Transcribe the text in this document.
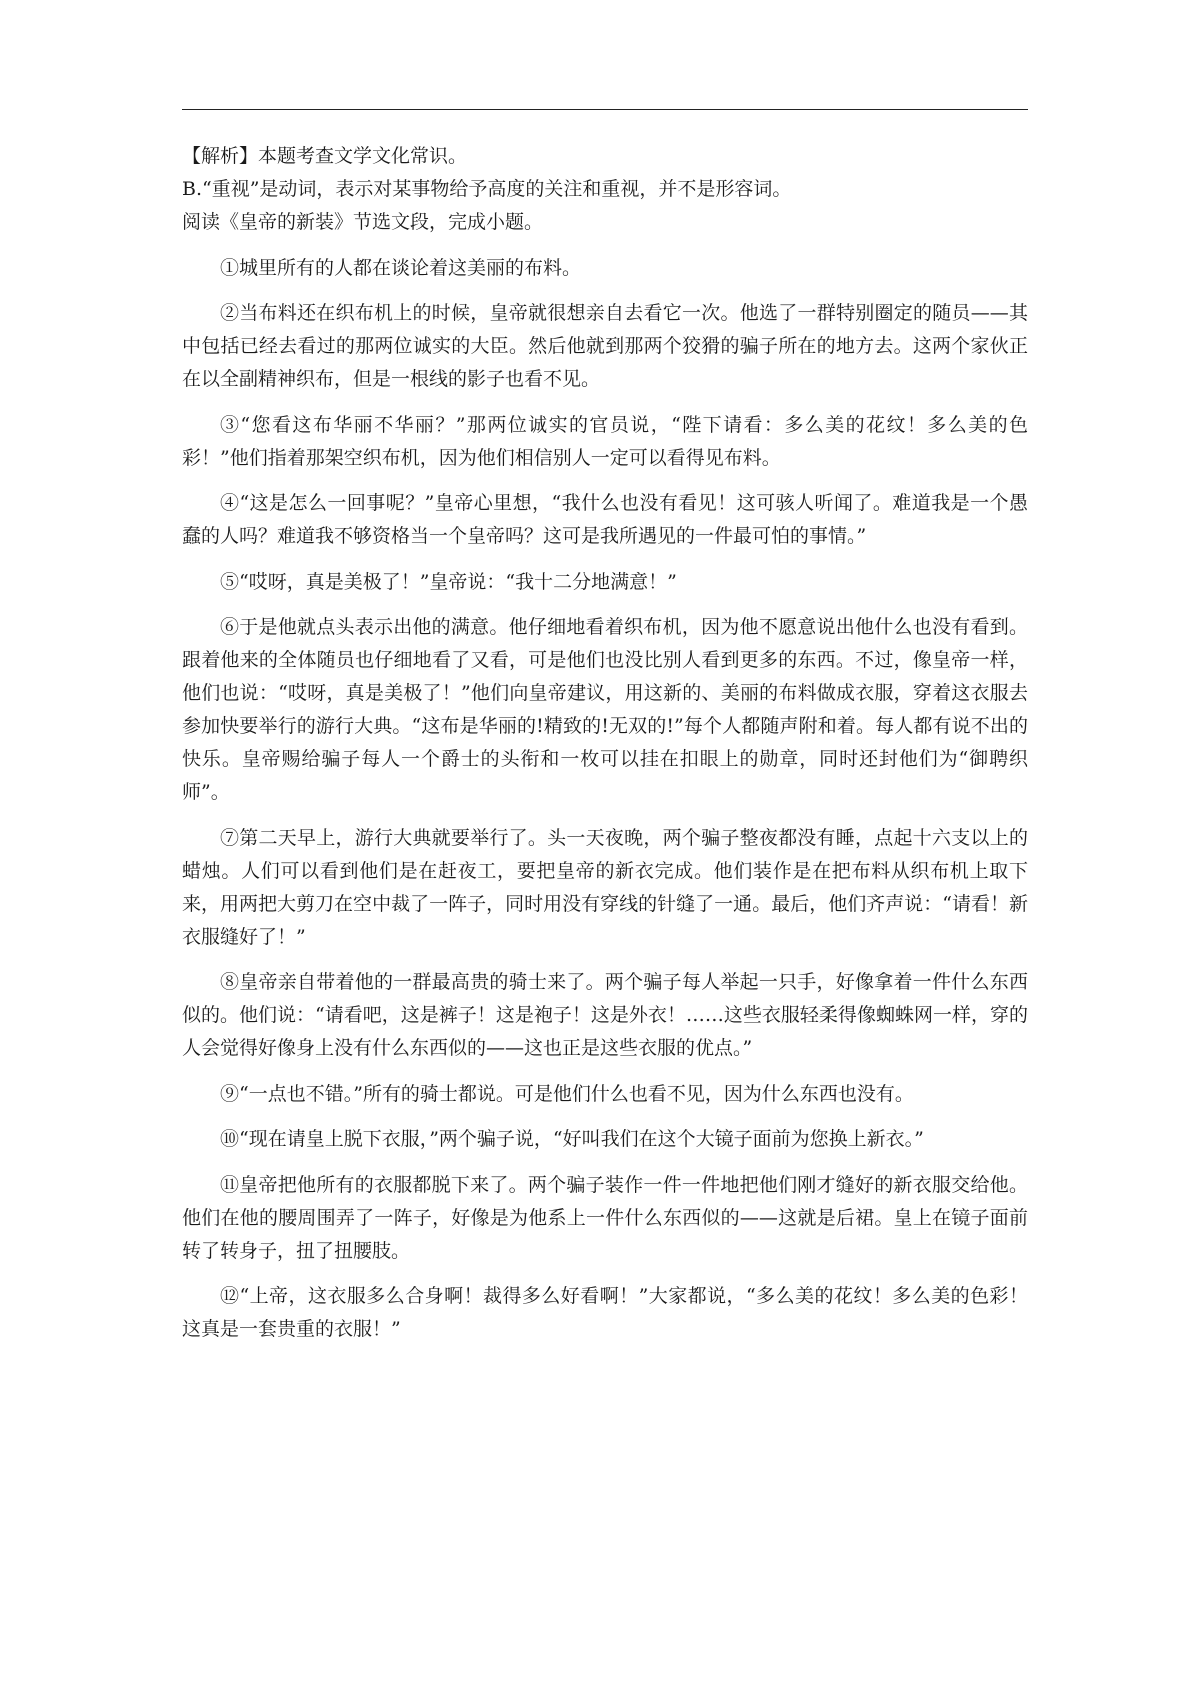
【解析】本题考查文学文化常识。

B.“重视”是动词，表示对某事物给予高度的关注和重视，并不是形容词。

阅读《皇帝的新装》节选文段，完成小题。

①城里所有的人都在谈论着这美丽的布料。

②当布料还在织布机上的时候，皇帝就很想亲自去看它一次。他选了一群特别圈定的随员——其中包括已经去看过的那两位诚实的大臣。然后他就到那两个狡猾的骗子所在的地方去。这两个家伙正在以全副精神织布，但是一根线的影子也看不见。

③“您看这布华丽不华丽？”那两位诚实的官员说，“陛下请看：多么美的花纹！多么美的色彩！”他们指着那架空织布机，因为他们相信别人一定可以看得见布料。

④“这是怎么一回事呢？”皇帝心里想，“我什么也没有看见！这可骇人听闻了。难道我是一个愚蠢的人吗？难道我不够资格当一个皇帝吗？这可是我所遇见的一件最可怕的事情。”

⑤“哎呀，真是美极了！”皇帝说：“我十二分地满意！”

⑥于是他就点头表示出他的满意。他仔细地看着织布机，因为他不愿意说出他什么也没有看到。跟着他来的全体随员也仔细地看了又看，可是他们也没比别人看到更多的东西。不过，像皇帝一样，他们也说：“哎呀，真是美极了！”他们向皇帝建议，用这新的、美丽的布料做成衣服，穿着这衣服去参加快要举行的游行大典。“这布是华丽的!精致的!无双的!”每个人都随声附和着。每人都有说不出的快乐。皇帝赐给骗子每人一个爵士的头衔和一枚可以挂在扣眼上的勋章，同时还封他们为“御聘织师”。

⑦第二天早上，游行大典就要举行了。头一天夜晚，两个骗子整夜都没有睡，点起十六支以上的蜡烛。人们可以看到他们是在赶夜工，要把皇帝的新衣完成。他们装作是在把布料从织布机上取下来，用两把大剪刀在空中裁了一阵子，同时用没有穿线的针缝了一通。最后，他们齐声说：“请看！新衣服缝好了！”

⑧皇帝亲自带着他的一群最高贵的骑士来了。两个骗子每人举起一只手，好像拿着一件什么东西似的。他们说：“请看吧，这是裤子！这是袍子！这是外衣！……这些衣服轻柔得像蜘蛛网一样，穿的人会觉得好像身上没有什么东西似的——这也正是这些衣服的优点。”

⑨“一点也不错。”所有的骑士都说。可是他们什么也看不见，因为什么东西也没有。

⑩“现在请皇上脱下衣服，”两个骗子说，“好叫我们在这个大镜子面前为您换上新衣。”

⑪皇帝把他所有的衣服都脱下来了。两个骗子装作一件一件地把他们刚才缝好的新衣服交给他。他们在他的腰周围弄了一阵子，好像是为他系上一件什么东西似的——这就是后裙。皇上在镜子面前转了转身子，扭了扭腰肢。

⑫“上帝，这衣服多么合身啊！裁得多么好看啊！”大家都说，“多么美的花纹！多么美的色彩！这真是一套贵重的衣服！”
